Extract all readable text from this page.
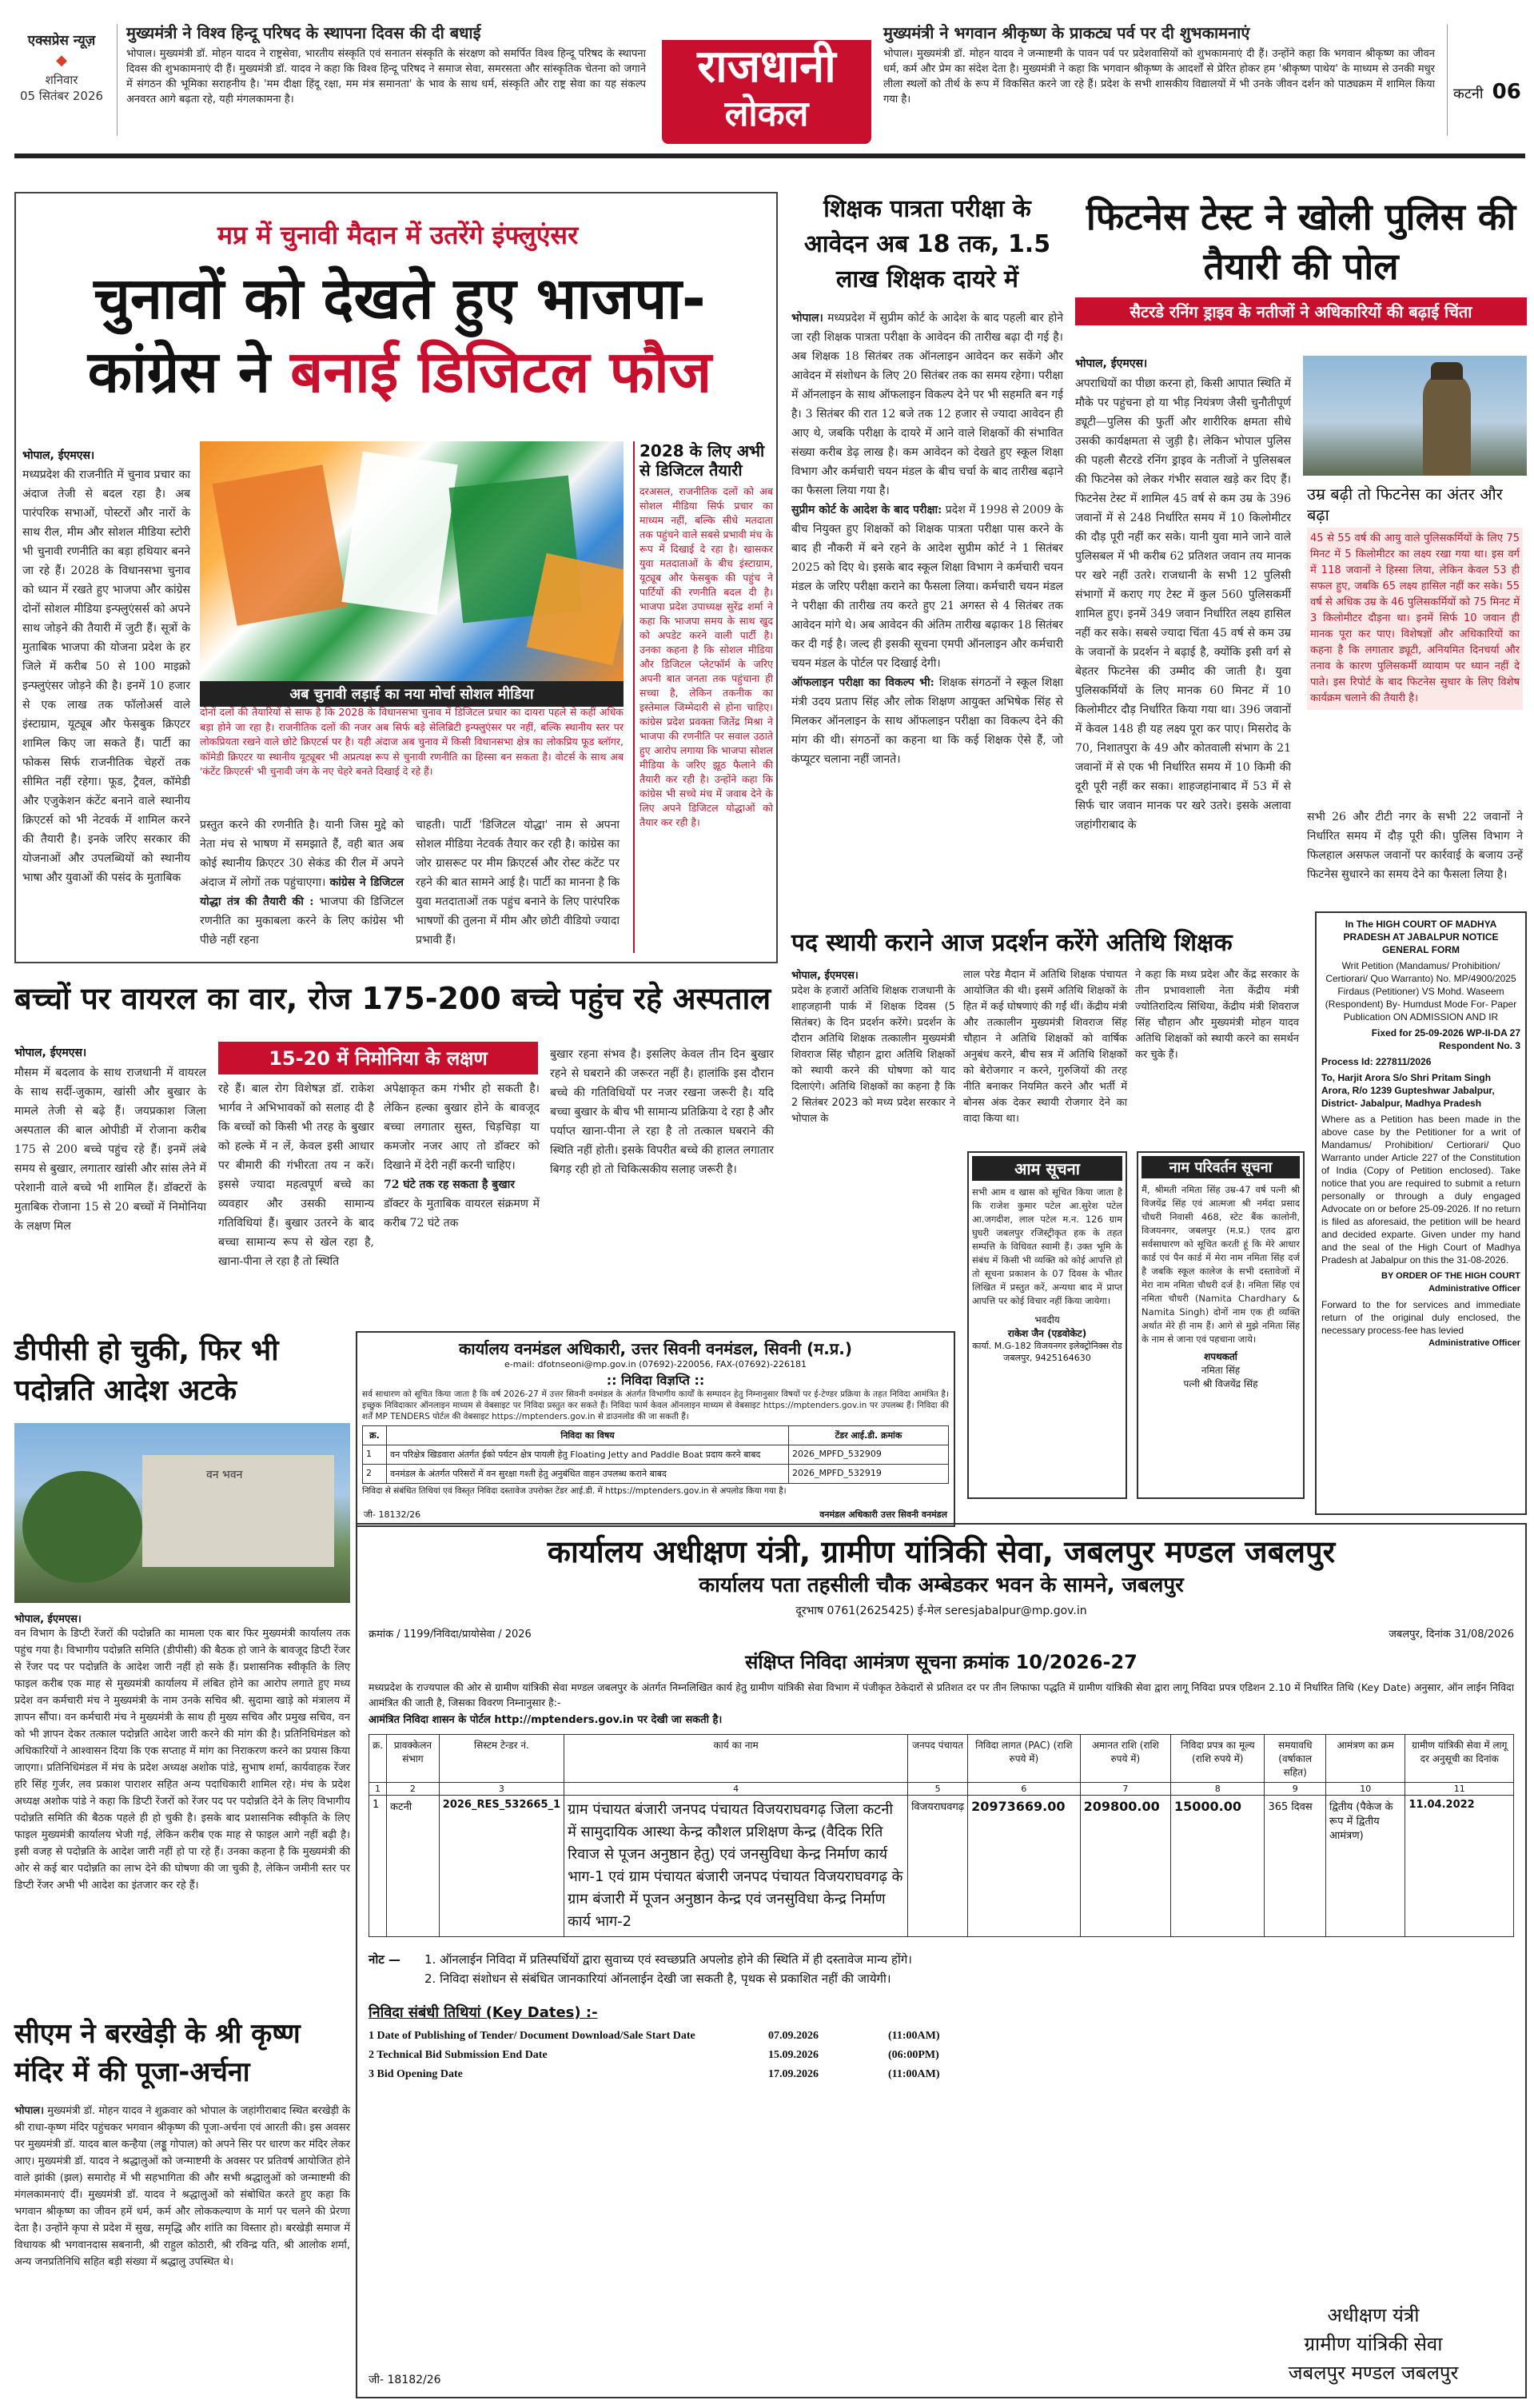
एक्सप्रेस न्यूज़
◆
शनिवार
05 सितंबर 2026
मुख्यमंत्री ने विश्व हिन्दू परिषद के स्थापना दिवस की दी बधाई
भोपाल। मुख्यमंत्री डॉ. मोहन यादव ने राष्ट्रसेवा, भारतीय संस्कृति एवं सनातन संस्कृति के संरक्षण को समर्पित विश्व हिन्दू परिषद के स्थापना दिवस की शुभकामनाएं दी हैं। मुख्यमंत्री डॉ. यादव ने कहा कि विश्व हिन्दू परिषद ने समाज सेवा, समरसता और सांस्कृतिक चेतना को जगाने में संगठन की भूमिका सराहनीय है। 'मम दीक्षा हिंदू रक्षा, मम मंत्र समानता' के भाव के साथ धर्म, संस्कृति और राष्ट्र सेवा का यह संकल्प अनवरत आगे बढ़ता रहे, यही मंगलकामना है।
राजधानी
लोकल
मुख्यमंत्री ने भगवान श्रीकृष्ण के प्राकट्य पर्व पर दी शुभकामनाएं
भोपाल। मुख्यमंत्री डॉ. मोहन यादव ने जन्माष्टमी के पावन पर्व पर प्रदेशवासियों को शुभकामनाएं दी हैं। उन्होंने कहा कि भगवान श्रीकृष्ण का जीवन धर्म, कर्म और प्रेम का संदेश देता है। मुख्यमंत्री ने कहा कि भगवान श्रीकृष्ण के आदर्शों से प्रेरित होकर हम 'श्रीकृष्ण पाथेय' के माध्यम से उनकी मधुर लीला स्थलों को तीर्थ के रूप में विकसित करने जा रहे हैं। प्रदेश के सभी शासकीय विद्यालयों में भी उनके जीवन दर्शन को पाठ्यक्रम में शामिल किया गया है।	कटनी 06
मप्र में चुनावी मैदान में उतरेंगे इंफ्लुएंसर
चुनावों को देखते हुए भाजपा-
कांग्रेस ने बनाई डिजिटल फौज
भोपाल, ईएमएस।
मध्यप्रदेश की राजनीति में चुनाव प्रचार का अंदाज तेजी से बदल रहा है। अब पारंपरिक सभाओं, पोस्टरों और नारों के साथ रील, मीम और सोशल मीडिया स्टोरी भी चुनावी रणनीति का बड़ा हथियार बनने जा रहे हैं। 2028 के विधानसभा चुनाव को ध्यान में रखते हुए भाजपा और कांग्रेस दोनों सोशल मीडिया इन्फ्लुएंसर्स को अपने साथ जोड़ने की तैयारी में जुटी हैं। सूत्रों के मुताबिक भाजपा की योजना प्रदेश के हर जिले में करीब 50 से 100 माइक्रो इन्फ्लुएंसर जोड़ने की है। इनमें 10 हजार से एक लाख तक फॉलोअर्स वाले इंस्टाग्राम, यूट्यूब और फेसबुक क्रिएटर शामिल किए जा सकते हैं। पार्टी का फोकस सिर्फ राजनीतिक चेहरों तक सीमित नहीं रहेगा। फूड, ट्रैवल, कॉमेडी और एजुकेशन कंटेंट बनाने वाले स्थानीय क्रिएटर्स को भी नेटवर्क में शामिल करने की तैयारी है। इनके जरिए सरकार की योजनाओं और उपलब्धियों को स्थानीय भाषा और युवाओं की पसंद के मुताबिक
अब चुनावी लड़ाई का नया मोर्चा सोशल मीडिया
दोनों दलों की तैयारियों से साफ है कि 2028 के विधानसभा चुनाव में डिजिटल प्रचार का दायरा पहले से कहीं अधिक बड़ा होने जा रहा है। राजनीतिक दलों की नजर अब सिर्फ बड़े सेलिब्रिटी इन्फ्लुएंसर पर नहीं, बल्कि स्थानीय स्तर पर लोकप्रियता रखने वाले छोटे क्रिएटर्स पर है। यही अंदाज अब चुनाव में किसी विधानसभा क्षेत्र का लोकप्रिय फूड ब्लॉगर, कॉमेडी क्रिएटर या स्थानीय यूट्यूबर भी अप्रत्यक्ष रूप से चुनावी रणनीति का हिस्सा बन सकता है। वोटर्स के साथ अब 'कंटेंट क्रिएटर्स' भी चुनावी जंग के नए चेहरे बनते दिखाई दे रहे हैं।
प्रस्तुत करने की रणनीति है। यानी जिस मुद्दे को नेता मंच से भाषण में समझाते हैं, वही बात अब कोई स्थानीय क्रिएटर 30 सेकंड की रील में अपने अंदाज में लोगों तक पहुंचाएगा। कांग्रेस ने डिजिटल योद्धा तंत्र की तैयारी की : भाजपा की डिजिटल रणनीति का मुकाबला करने के लिए कांग्रेस भी पीछे नहीं रहना
चाहती। पार्टी 'डिजिटल योद्धा' नाम से अपना सोशल मीडिया नेटवर्क तैयार कर रही है। कांग्रेस का जोर ग्रासरूट पर मीम क्रिएटर्स और रोस्ट कंटेंट पर रहने की बात सामने आई है। पार्टी का मानना है कि युवा मतदाताओं तक पहुंच बनाने के लिए पारंपरिक भाषणों की तुलना में मीम और छोटी वीडियो ज्यादा प्रभावी हैं।
2028 के लिए अभी से डिजिटल तैयारी
दरअसल, राजनीतिक दलों को अब सोशल मीडिया सिर्फ प्रचार का माध्यम नहीं, बल्कि सीधे मतदाता तक पहुंचने वाले सबसे प्रभावी मंच के रूप में दिखाई दे रहा है। खासकर युवा मतदाताओं के बीच इंस्टाग्राम, यूट्यूब और फेसबुक की पहुंच ने पार्टियों की रणनीति बदल दी है। भाजपा प्रदेश उपाध्यक्ष सुरेंद्र शर्मा ने कहा कि भाजपा समय के साथ खुद को अपडेट करने वाली पार्टी है। उनका कहना है कि सोशल मीडिया और डिजिटल प्लेटफॉर्म के जरिए अपनी बात जनता तक पहुंचाना ही सच्चा है, लेकिन तकनीक का इस्तेमाल जिम्मेदारी से होना चाहिए। कांग्रेस प्रदेश प्रवक्ता जितेंद्र मिश्रा ने भाजपा की रणनीति पर सवाल उठाते हुए आरोप लगाया कि भाजपा सोशल मीडिया के जरिए झूठ फैलाने की तैयारी कर रही है। उन्होंने कहा कि कांग्रेस भी सच्चे मंच में जवाब देने के लिए अपने डिजिटल योद्धाओं को तैयार कर रही है।
शिक्षक पात्रता परीक्षा के आवेदन अब 18 तक, 1.5 लाख शिक्षक दायरे में
भोपाल। मध्यप्रदेश में सुप्रीम कोर्ट के आदेश के बाद पहली बार होने जा रही शिक्षक पात्रता परीक्षा के आवेदन की तारीख बढ़ा दी गई है। अब शिक्षक 18 सितंबर तक ऑनलाइन आवेदन कर सकेंगे और आवेदन में संशोधन के लिए 20 सितंबर तक का समय रहेगा। परीक्षा में ऑनलाइन के साथ ऑफलाइन विकल्प देने पर भी सहमति बन गई है। 3 सितंबर की रात 12 बजे तक 12 हजार से ज्यादा आवेदन ही आए थे, जबकि परीक्षा के दायरे में आने वाले शिक्षकों की संभावित संख्या करीब डेढ़ लाख है। कम आवेदन को देखते हुए स्कूल शिक्षा विभाग और कर्मचारी चयन मंडल के बीच चर्चा के बाद तारीख बढ़ाने का फैसला लिया गया है।
सुप्रीम कोर्ट के आदेश के बाद परीक्षा: प्रदेश में 1998 से 2009 के बीच नियुक्त हुए शिक्षकों को शिक्षक पात्रता परीक्षा पास करने के बाद ही नौकरी में बने रहने के आदेश सुप्रीम कोर्ट ने 1 सितंबर 2025 को दिए थे। इसके बाद स्कूल शिक्षा विभाग ने कर्मचारी चयन मंडल के जरिए परीक्षा कराने का फैसला लिया। कर्मचारी चयन मंडल ने परीक्षा की तारीख तय करते हुए 21 अगस्त से 4 सितंबर तक आवेदन मांगे थे। अब आवेदन की अंतिम तारीख बढ़ाकर 18 सितंबर कर दी गई है। जल्द ही इसकी सूचना एमपी ऑनलाइन और कर्मचारी चयन मंडल के पोर्टल पर दिखाई देगी।
ऑफलाइन परीक्षा का विकल्प भी: शिक्षक संगठनों ने स्कूल शिक्षा मंत्री उदय प्रताप सिंह और लोक शिक्षण आयुक्त अभिषेक सिंह से मिलकर ऑनलाइन के साथ ऑफलाइन परीक्षा का विकल्प देने की मांग की थी। संगठनों का कहना था कि कई शिक्षक ऐसे हैं, जो कंप्यूटर चलाना नहीं जानते।
फिटनेस टेस्ट ने खोली पुलिस की तैयारी की पोल
सैटरडे रनिंग ड्राइव के नतीजों ने अधिकारियों की बढ़ाई चिंता
भोपाल, ईएमएस।
अपराधियों का पीछा करना हो, किसी आपात स्थिति में मौके पर पहुंचना हो या भीड़ नियंत्रण जैसी चुनौतीपूर्ण ड्यूटी—पुलिस की फुर्ती और शारीरिक क्षमता सीधे उसकी कार्यक्षमता से जुड़ी है। लेकिन भोपाल पुलिस की पहली सैटरडे रनिंग ड्राइव के नतीजों ने पुलिसबल की फिटनेस को लेकर गंभीर सवाल खड़े कर दिए हैं। फिटनेस टेस्ट में शामिल 45 वर्ष से कम उम्र के 396 जवानों में से 248 निर्धारित समय में 10 किलोमीटर की दौड़ पूरी नहीं कर सके। यानी युवा माने जाने वाले पुलिसबल में भी करीब 62 प्रतिशत जवान तय मानक पर खरे नहीं उतरे। राजधानी के सभी 12 पुलिसी संभागों में कराए गए टेस्ट में कुल 560 पुलिसकर्मी शामिल हुए। इनमें 349 जवान निर्धारित लक्ष्य हासिल नहीं कर सके। सबसे ज्यादा चिंता 45 वर्ष से कम उम्र के जवानों के प्रदर्शन ने बढ़ाई है, क्योंकि इसी वर्ग से बेहतर फिटनेस की उम्मीद की जाती है। युवा पुलिसकर्मियों के लिए मानक 60 मिनट में 10 किलोमीटर दौड़ निर्धारित किया गया था। 396 जवानों में केवल 148 ही यह लक्ष्य पूरा कर पाए। मिसरोद के 70, निशातपुरा के 49 और कोतवाली संभाग के 21 जवानों में से एक भी निर्धारित समय में 10 किमी की दूरी पूरी नहीं कर सका। शाहजहांनाबाद में 53 में से सिर्फ चार जवान मानक पर खरे उतरे। इसके अलावा जहांगीराबाद के
उम्र बढ़ी तो फिटनेस का अंतर और बढ़ा
45 से 55 वर्ष की आयु वाले पुलिसकर्मियों के लिए 75 मिनट में 5 किलोमीटर का लक्ष्य रखा गया था। इस वर्ग में 118 जवानों ने हिस्सा लिया, लेकिन केवल 53 ही सफल हुए, जबकि 65 लक्ष्य हासिल नहीं कर सके। 55 वर्ष से अधिक उम्र के 46 पुलिसकर्मियों को 75 मिनट में 3 किलोमीटर दौड़ना था। इनमें सिर्फ 10 जवान ही मानक पूरा कर पाए। विशेषज्ञों और अधिकारियों का कहना है कि लगातार ड्यूटी, अनियमित दिनचर्या और तनाव के कारण पुलिसकर्मी व्यायाम पर ध्यान नहीं दे पाते। इस रिपोर्ट के बाद फिटनेस सुधार के लिए विशेष कार्यक्रम चलाने की तैयारी है।
सभी 26 और टीटी नगर के सभी 22 जवानों ने निर्धारित समय में दौड़ पूरी की। पुलिस विभाग ने फिलहाल असफल जवानों पर कार्रवाई के बजाय उन्हें फिटनेस सुधारने का समय देने का फैसला लिया है।
बच्चों पर वायरल का वार, रोज 175-200 बच्चे पहुंच रहे अस्पताल
15-20 में निमोनिया के लक्षण
भोपाल, ईएमएस।
मौसम में बदलाव के साथ राजधानी में वायरल के साथ सर्दी-जुकाम, खांसी और बुखार के मामले तेजी से बढ़े हैं। जयप्रकाश जिला अस्पताल की बाल ओपीडी में रोजाना करीब 175 से 200 बच्चे पहुंच रहे हैं। इनमें लंबे समय से बुखार, लगातार खांसी और सांस लेने में परेशानी वाले बच्चे भी शामिल हैं। डॉक्टरों के मुताबिक रोजाना 15 से 20 बच्चों में निमोनिया के लक्षण मिल
रहे हैं। बाल रोग विशेषज्ञ डॉ. राकेश भार्गव ने अभिभावकों को सलाह दी है कि बच्चों को किसी भी तरह के बुखार को हल्के में न लें, केवल इसी आधार पर बीमारी की गंभीरता तय न करें। इससे ज्यादा महत्वपूर्ण बच्चे का व्यवहार और उसकी सामान्य गतिविधियां हैं। बुखार उतरने के बाद बच्चा सामान्य रूप से खेल रहा है, खाना-पीना ले रहा है तो स्थिति
अपेक्षाकृत कम गंभीर हो सकती है। लेकिन हल्का बुखार होने के बावजूद बच्चा लगातार सुस्त, चिड़चिड़ा या कमजोर नजर आए तो डॉक्टर को दिखाने में देरी नहीं करनी चाहिए।
72 घंटे तक रह सकता है बुखार
डॉक्टर के मुताबिक वायरल संक्रमण में करीब 72 घंटे तक
बुखार रहना संभव है। इसलिए केवल तीन दिन बुखार रहने से घबराने की जरूरत नहीं है। हालांकि इस दौरान बच्चे की गतिविधियों पर नजर रखना जरूरी है। यदि बच्चा बुखार के बीच भी सामान्य प्रतिक्रिया दे रहा है और पर्याप्त खाना-पीना ले रहा है तो तत्काल घबराने की स्थिति नहीं होती। इसके विपरीत बच्चे की हालत लगातार बिगड़ रही हो तो चिकित्सकीय सलाह जरूरी है।
पद स्थायी कराने आज प्रदर्शन करेंगे अतिथि शिक्षक
भोपाल, ईएमएस।
प्रदेश के हजारों अतिथि शिक्षक राजधानी के शाहजहानी पार्क में शिक्षक दिवस (5 सितंबर) के दिन प्रदर्शन करेंगे। प्रदर्शन के दौरान अतिथि शिक्षक तत्कालीन मुख्यमंत्री शिवराज सिंह चौहान द्वारा अतिथि शिक्षकों को स्थायी करने की घोषणा को याद दिलाएंगे। अतिथि शिक्षकों का कहना है कि 2 सितंबर 2023 को मध्य प्रदेश सरकार ने भोपाल के
लाल परेड मैदान में अतिथि शिक्षक पंचायत आयोजित की थी। इसमें अतिथि शिक्षकों के हित में कई घोषणाएं की गईं थीं। केंद्रीय मंत्री और तत्कालीन मुख्यमंत्री शिवराज सिंह चौहान ने अतिथि शिक्षकों को वार्षिक अनुबंध करने, बीच सत्र में अतिथि शिक्षकों को बेरोजगार न करने, गुरुजियों की तरह नीति बनाकर नियमित करने और भर्ती में बोनस अंक देकर स्थायी रोजगार देने का वादा किया था।
ने कहा कि मध्य प्रदेश और केंद्र सरकार के तीन प्रभावशाली नेता केंद्रीय मंत्री ज्योतिरादित्य सिंधिया, केंद्रीय मंत्री शिवराज सिंह चौहान और मुख्यमंत्री मोहन यादव अतिथि शिक्षकों को स्थायी करने का समर्थन कर चुके हैं।
आम सूचना
सभी आम व खास को सूचित किया जाता है कि राजेश कुमार पटेल आ.सुरेश पटेल आ.जगदीश, लाल पटेल म.न. 126 ग्राम घुघरी जबलपुर रजिस्ट्रीकृत हक के तहत सम्पत्ति के विधिवत स्वामी हैं। उक्त भूमि के संबंध में किसी भी व्यक्ति को कोई आपत्ति हो तो सूचना प्रकाशन के 07 दिवस के भीतर लिखित में प्रस्तुत करें, अन्यथा बाद में प्राप्त आपत्ति पर कोई विचार नहीं किया जायेगा।
भवदीय
राकेश जैन (एडवोकेट)
कार्या. M.G-182 विजयनगर इलेक्ट्रोनिक्स रोड जबलपुर, 9425164630
नाम परिवर्तन सूचना
मैं, श्रीमती नमिता सिंह उम्र-47 वर्ष पत्नी श्री विजयेंद्र सिंह एवं आत्मजा श्री नर्मदा प्रसाद चौधरी निवासी 468, स्टेट बैंक कालोनी, विजयनगर, जबलपुर (म.प्र.) एतद द्वारा सर्वसाधारण को सूचित करती हूं कि मेरे आधार कार्ड एवं पैन कार्ड में मेरा नाम नमिता सिंह दर्ज है जबकि स्कूल कालेज के सभी दस्तावेजों में मेरा नाम नमिता चौधरी दर्ज है। नमिता सिंह एवं नमिता चौधरी (Namita Chardhary & Namita Singh) दोनों नाम एक ही व्यक्ति अर्थात मेरे ही नाम हैं। आगे से मुझे नमिता सिंह के नाम से जाना एवं पहचाना जाये।
शपथकर्ता
नमिता सिंह
पत्नी श्री विजयेंद्र सिंह
In The HIGH COURT OF MADHYA PRADESH AT JABALPUR NOTICE GENERAL FORM
Writ Petition (Mandamus/ Prohibition/ Certiorari/ Quo Warranto) No. MP/4900/2025 Firdaus (Petitioner) VS Mohd. Waseem (Respondent) By- Humdust Mode For- Paper Publication ON ADMISSION AND IR
Fixed for 25-09-2026 WP-II-DA 27 Respondent No. 3
Process Id: 227811/2026
To, Harjit Arora S/o Shri Pritam Singh Arora, R/o 1239 Gupteshwar Jabalpur, District- Jabalpur, Madhya Pradesh
Where as a Petition has been made in the above case by the Petitioner for a writ of Mandamus/ Prohibition/ Certiorari/ Quo Warranto under Article 227 of the Constitution of India (Copy of Petition enclosed). Take notice that you are required to submit a return personally or through a duly engaged Advocate on or before 25-09-2026. If no return is filed as aforesaid, the petition will be heard and decided exparte. Given under my hand and the seal of the High Court of Madhya Pradesh at Jabalpur on this the 31-08-2026.
BY ORDER OF THE HIGH COURT
Administrative Officer
Forward to the for services and immediate return of the original duly enclosed, the necessary process-fee has levied
Administrative Officer
डीपीसी हो चुकी, फिर भी पदोन्नति आदेश अटके
वन भवन
भोपाल, ईएमएस।
वन विभाग के डिप्टी रेंजरों की पदोन्नति का मामला एक बार फिर मुख्यमंत्री कार्यालय तक पहुंच गया है। विभागीय पदोन्नति समिति (डीपीसी) की बैठक हो जाने के बावजूद डिप्टी रेंजर से रेंजर पद पर पदोन्नति के आदेश जारी नहीं हो सके हैं। प्रशासनिक स्वीकृति के लिए फाइल करीब एक माह से मुख्यमंत्री कार्यालय में लंबित होने का आरोप लगाते हुए मध्य प्रदेश वन कर्मचारी मंच ने मुख्यमंत्री के नाम उनके सचिव श्री. सुदामा खाड़े को मंत्रालय में ज्ञापन सौंपा। वन कर्मचारी मंच ने मुख्यमंत्री के साथ ही मुख्य सचिव और प्रमुख सचिव, वन को भी ज्ञापन देकर तत्काल पदोन्नति आदेश जारी करने की मांग की है। प्रतिनिधिमंडल को अधिकारियों ने आश्वासन दिया कि एक सप्ताह में मांग का निराकरण करने का प्रयास किया जाएगा। प्रतिनिधिमंडल में मंच के प्रदेश अध्यक्ष अशोक पांडे, सुभाष शर्मा, कार्यवाहक रेंजर हरि सिंह गुर्जर, लव प्रकाश पाराशर सहित अन्य पदाधिकारी शामिल रहे। मंच के प्रदेश अध्यक्ष अशोक पांडे ने कहा कि डिप्टी रेंजरों को रेंजर पद पर पदोन्नति देने के लिए विभागीय पदोन्नति समिति की बैठक पहले ही हो चुकी है। इसके बाद प्रशासनिक स्वीकृति के लिए फाइल मुख्यमंत्री कार्यालय भेजी गई, लेकिन करीब एक माह से फाइल आगे नहीं बढ़ी है। इसी वजह से पदोन्नति के आदेश जारी नहीं हो पा रहे हैं। उनका कहना है कि मुख्यमंत्री की ओर से कई बार पदोन्नति का लाभ देने की घोषणा की जा चुकी है, लेकिन जमीनी स्तर पर डिप्टी रेंजर अभी भी आदेश का इंतजार कर रहे हैं।
सीएम ने बरखेड़ी के श्री कृष्ण मंदिर में की पूजा-अर्चना
भोपाल। मुख्यमंत्री डॉ. मोहन यादव ने शुक्रवार को भोपाल के जहांगीराबाद स्थित बरखेड़ी के श्री राधा-कृष्ण मंदिर पहुंचकर भगवान श्रीकृष्ण की पूजा-अर्चना एवं आरती की। इस अवसर पर मुख्यमंत्री डॉ. यादव बाल कन्हैया (लड्डू गोपाल) को अपने सिर पर धारण कर मंदिर लेकर आए। मुख्यमंत्री डॉ. यादव ने श्रद्धालुओं को जन्माष्टमी के अवसर पर प्रतिवर्ष आयोजित होने वाले झांकी (झल) समारोह में भी सहभागिता की और सभी श्रद्धालुओं को जन्माष्टमी की मंगलकामनाएं दीं। मुख्यमंत्री डॉ. यादव ने श्रद्धालुओं को संबोधित करते हुए कहा कि भगवान श्रीकृष्ण का जीवन हमें धर्म, कर्म और लोककल्याण के मार्ग पर चलने की प्रेरणा देता है। उन्होंने कृपा से प्रदेश में सुख, समृद्धि और शांति का विस्तार हो। बरखेड़ी समाज में विधायक श्री भगवानदास सबनानी, श्री राहुल कोठारी, श्री रविन्द्र यति, श्री आलोक शर्मा, अन्य जनप्रतिनिधि सहित बड़ी संख्या में श्रद्धालु उपस्थित थे।
कार्यालय वनमंडल अधिकारी, उत्तर सिवनी वनमंडल, सिवनी (म.प्र.)
e-mail: dfotnseoni@mp.gov.in (07692)-220056, FAX-(07692)-226181
:: निविदा विज्ञप्ति ::
सर्व साधारण को सूचित किया जाता है कि वर्ष 2026-27 में उत्तर सिवनी वनमंडल के अंतर्गत विभागीय कार्यों के सम्पादन हेतु निम्नानुसार विषयों पर ई-टेण्डर प्रक्रिया के तहत निविदा आमंत्रित है। इच्छुक निविदाकार ऑनलाइन माध्यम से वेबसाइट पर निविदा प्रस्तुत कर सकते हैं। निविदा फार्म केवल ऑनलाइन माध्यम से वेबसाइट https://mptenders.gov.in पर उपलब्ध हैं। निविदा की शर्तें MP TENDERS पोर्टल की वेबसाइट https://mptenders.gov.in से डाउनलोड की जा सकती हैं।
क्र.	निविदा का विषय	टेंडर आई.डी. क्रमांक
1	वन परिक्षेत्र खिडवारा अंतर्गत ईको पर्यटन क्षेत्र पायली हेतु Floating Jetty and Paddle Boat प्रदाय करने बाबद	2026_MPFD_532909
2	वनमंडल के अंतर्गत परिसरों में वन सुरक्षा गश्ती हेतु अनुबंधित वाहन उपलब्ध कराने बाबद	2026_MPFD_532919
निविदा से संबंधित तिथियां एवं विस्तृत निविदा दस्तावेज उपरोक्त टेंडर आई.डी. में https://mptenders.gov.in से अपलोड किया गया है।
जी- 18132/26	वनमंडल अधिकारी उत्तर सिवनी वनमंडल
कार्यालय अधीक्षण यंत्री, ग्रामीण यांत्रिकी सेवा, जबलपुर मण्डल जबलपुर
कार्यालय पता तहसीली चौक अम्बेडकर भवन के सामने, जबलपुर
दूरभाष 0761(2625425) ई-मेल seresjabalpur@mp.gov.in
क्रमांक / 1199/निविदा/प्रायोसेवा / 2026	जबलपुर, दिनांक 31/08/2026
संक्षिप्त निविदा आमंत्रण सूचना क्रमांक 10/2026-27
मध्यप्रदेश के राज्यपाल की ओर से ग्रामीण यांत्रिकी सेवा मण्डल जबलपुर के अंतर्गत निम्नलिखित कार्य हेतु ग्रामीण यांत्रिकी सेवा विभाग में पंजीकृत ठेकेदारों से प्रतिशत दर पर तीन लिफाफा पद्धति में ग्रामीण यांत्रिकी सेवा द्वारा लागू निविदा प्रपत्र एडिशन 2.10 में निर्धारित तिथि (Key Date) अनुसार, ऑन लाईन निविदा आमंत्रित की जाती है, जिसका विवरण निम्नानुसार है:-
आमंत्रित निविदा शासन के पोर्टल http://mptenders.gov.in पर देखी जा सकती है।
क्र.	प्रावक्केलन संभाग	सिस्टम टेन्डर नं.	कार्य का नाम	जनपद पंचायत	निविदा लागत (PAC) (राशि रुपये में)	अमानत राशि (राशि रुपये में)	निविदा प्रपत्र का मूल्य (राशि रुपये में)	समयावधि (वर्षाकाल सहित)	आमंत्रण का क्रम	ग्रामीण यांत्रिकी सेवा में लागू दर अनुसूची का दिनांक
1	2	3	4	5	6	7	8	9	10	11
1	कटनी	2026_RES_532665_1	ग्राम पंचायत बंजारी जनपद पंचायत विजयराघवगढ़ जिला कटनी में सामुदायिक आस्था केन्द्र कौशल प्रशिक्षण केन्द्र (वैदिक रिति रिवाज से पूजन अनुष्ठान हेतु) एवं जनसुविधा केन्द्र निर्माण कार्य भाग-1 एवं ग्राम पंचायत बंजारी जनपद पंचायत विजयराघवगढ़ के ग्राम बंजारी में पूजन अनुष्ठान केन्द्र एवं जनसुविधा केन्द्र निर्माण कार्य भाग-2	विजयराघवगढ़	20973669.00	209800.00	15000.00	365 दिवस	द्वितीय (पैकेज के रूप में द्वितीय आमंत्रण)	11.04.2022
नोट —	1. ऑनलाईन निविदा में प्रतिस्पर्धियों द्वारा सुवाच्य एवं स्वच्छप्रति अपलोड होने की स्थिति में ही दस्तावेज मान्य होंगे।
2. निविदा संशोधन से संबंधित जानकारियां ऑनलाईन देखी जा सकती है, पृथक से प्रकाशित नहीं की जायेगी।
निविदा संबंधी तिथियां (Key Dates) :-
1 Date of Publishing of Tender/ Document Download/Sale Start Date	07.09.2026	(11:00AM)
2 Technical Bid Submission End Date	15.09.2026	(06:00PM)
3 Bid Opening Date	17.09.2026	(11:00AM)
जी- 18182/26
अधीक्षण यंत्री
ग्रामीण यांत्रिकी सेवा
जबलपुर मण्डल जबलपुर
